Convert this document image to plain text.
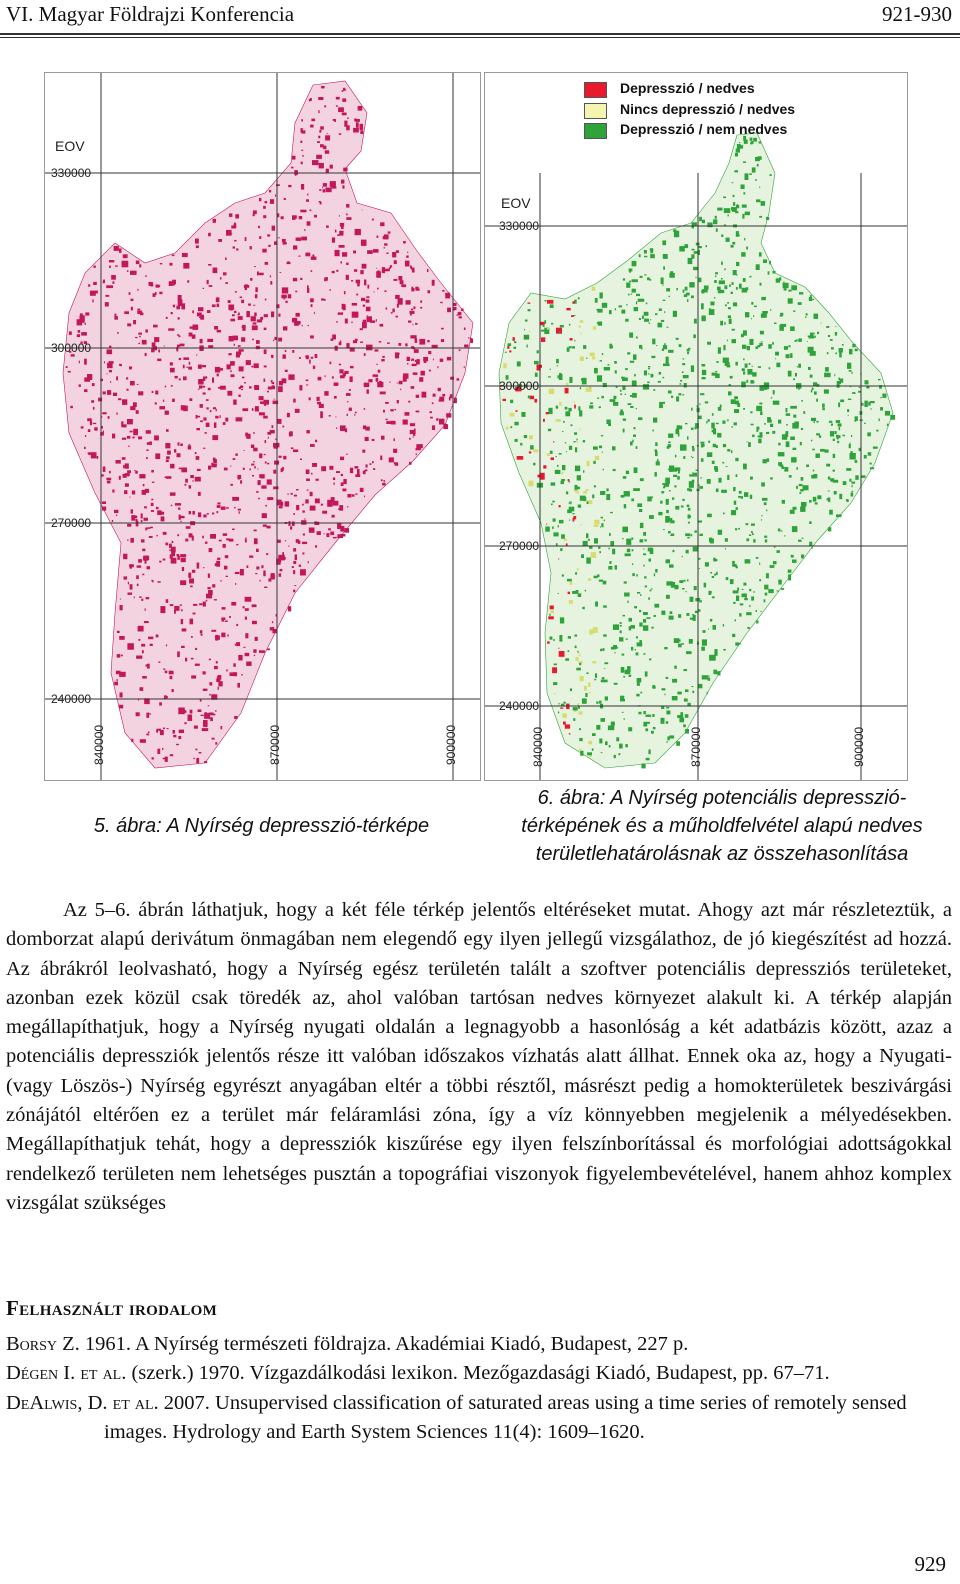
VI. Magyar Földrajzi Konferencia	921-930
EOV
330000
300000
270000
240000
840000	870000	900000
EOV
330000
300000
270000
240000
840000	870000	900000
Depresszió / nedves
Nincs depresszió / nedves
Depresszió / nem nedves
5. ábra: A Nyírség depresszió-térképe
6. ábra: A Nyírség potenciális depresszió-
térképének és a műholdfelvétel alapú nedves
területlehatárolásnak az összehasonlítása
Az 5–6. ábrán láthatjuk, hogy a két féle térkép jelentős eltéréseket mutat. Ahogy azt már részleteztük, a domborzat alapú derivátum önmagában nem elegendő egy ilyen jellegű vizsgálathoz, de jó kiegészítést ad hozzá. Az ábrákról leolvasható, hogy a Nyírség egész területén talált a szoftver potenciális depressziós területeket, azonban ezek közül csak töredék az, ahol valóban tartósan nedves környezet alakult ki. A térkép alapján megállapíthatjuk, hogy a Nyírség nyugati oldalán a legnagyobb a hasonlóság a két adatbázis között, azaz a potenciális depressziók jelentős része itt valóban időszakos vízhatás alatt állhat. Ennek oka az, hogy a Nyugati- (vagy Löszös-) Nyírség egyrészt anyagában eltér a többi résztől, másrészt pedig a homokterületek beszivárgási zónájától eltérően ez a terület már feláramlási zóna, így a víz könnyebben megjelenik a mélyedésekben. Megállapíthatjuk tehát, hogy a depressziók kiszűrése egy ilyen felszínborítással és morfológiai adottságokkal rendelkező területen nem lehetséges pusztán a topográfiai viszonyok figyelembevételével, hanem ahhoz komplex vizsgálat szükséges
Felhasznált irodalom
Borsy Z. 1961. A Nyírség természeti földrajza. Akadémiai Kiadó, Budapest, 227 p.
Dégen I. et al. (szerk.) 1970. Vízgazdálkodási lexikon. Mezőgazdasági Kiadó, Budapest, pp. 67–71.
DeAlwis, D. et al. 2007. Unsupervised classification of saturated areas using a time series of remotely sensed images. Hydrology and Earth System Sciences 11(4): 1609–1620.
929
